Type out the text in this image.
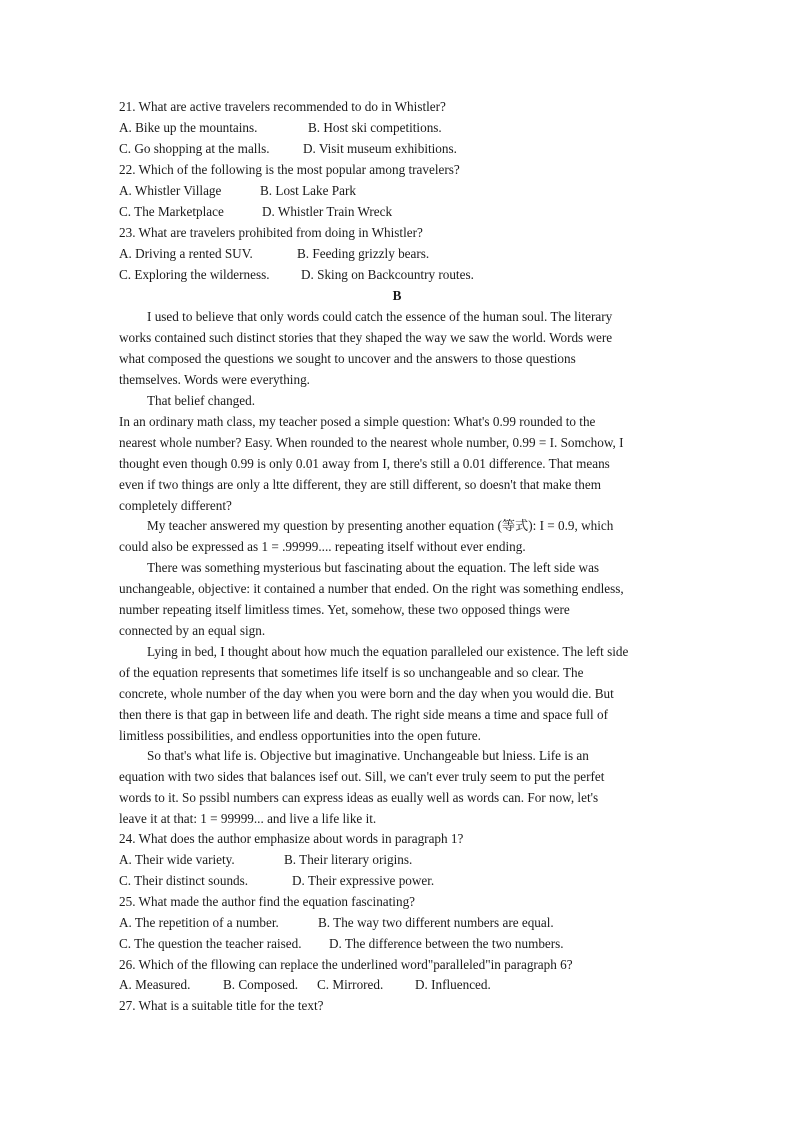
21. What are active travelers recommended to do in Whistler?
A. Bike up the mountains.	B. Host ski competitions.
C. Go shopping at the malls.	D. Visit museum exhibitions.
22. Which of the following is the most popular among travelers?
A. Whistler Village	B. Lost Lake Park
C. The Marketplace	D. Whistler Train Wreck
23. What are travelers prohibited from doing in Whistler?
A. Driving a rented SUV.	B. Feeding grizzly bears.
C. Exploring the wilderness. D. Sking on Backcountry routes.
B
I used to believe that only words could catch the essence of the human soul. The literary
works contained such distinct stories that they shaped the way we saw the world. Words were
what composed the questions we sought to uncover and the answers to those questions
themselves. Words were everything.
That belief changed.
In an ordinary math class, my teacher posed a simple question: What's 0.99 rounded to the
nearest whole number? Easy. When rounded to the nearest whole number, 0.99 = I. Somchow, I
thought even though 0.99 is only 0.01 away from I, there's still a 0.01 difference. That means
even if two things are only a ltte different, they are still different, so doesn't that make them
completely different?
My teacher answered my question by presenting another equation (等式): I = 0.9, which
could also be expressed as 1 = .99999.... repeating itself without ever ending.
There was something mysterious but fascinating about the equation. The left side was
unchangeable, objective: it contained a number that ended. On the right was something endless,
number repeating itself limitless times. Yet, somehow, these two opposed things were
connected by an equal sign.
Lying in bed, I thought about how much the equation paralleled our existence. The left side
of the equation represents that sometimes life itself is so unchangeable and so clear. The
concrete, whole number of the day when you were born and the day when you would die. But
then there is that gap in between life and death. The right side means a time and space full of
limitless possibilities, and endless opportunities into the open future.
So that's what life is. Objective but imaginative. Unchangeable but lniess. Life is an
equation with two sides that balances isef out. Sill, we can't ever truly seem to put the perfet
words to it. So pssibl numbers can express ideas as eually well as words can. For now, let's
leave it at that: 1 = 99999... and live a life like it.
24. What does the author emphasize about words in paragraph 1?
A. Their wide variety.	B. Their literary origins.
C. Their distinct sounds.	D. Their expressive power.
25. What made the author find the equation fascinating?
A. The repetition of a number.	B. The way two different numbers are equal.
C. The question the teacher raised. D. The difference between the two numbers.
26. Which of the fllowing can replace the underlined word"paralleled"in paragraph 6?
A. Measured. B. Composed. C. Mirrored. D. Influenced.
27. What is a suitable title for the text?
